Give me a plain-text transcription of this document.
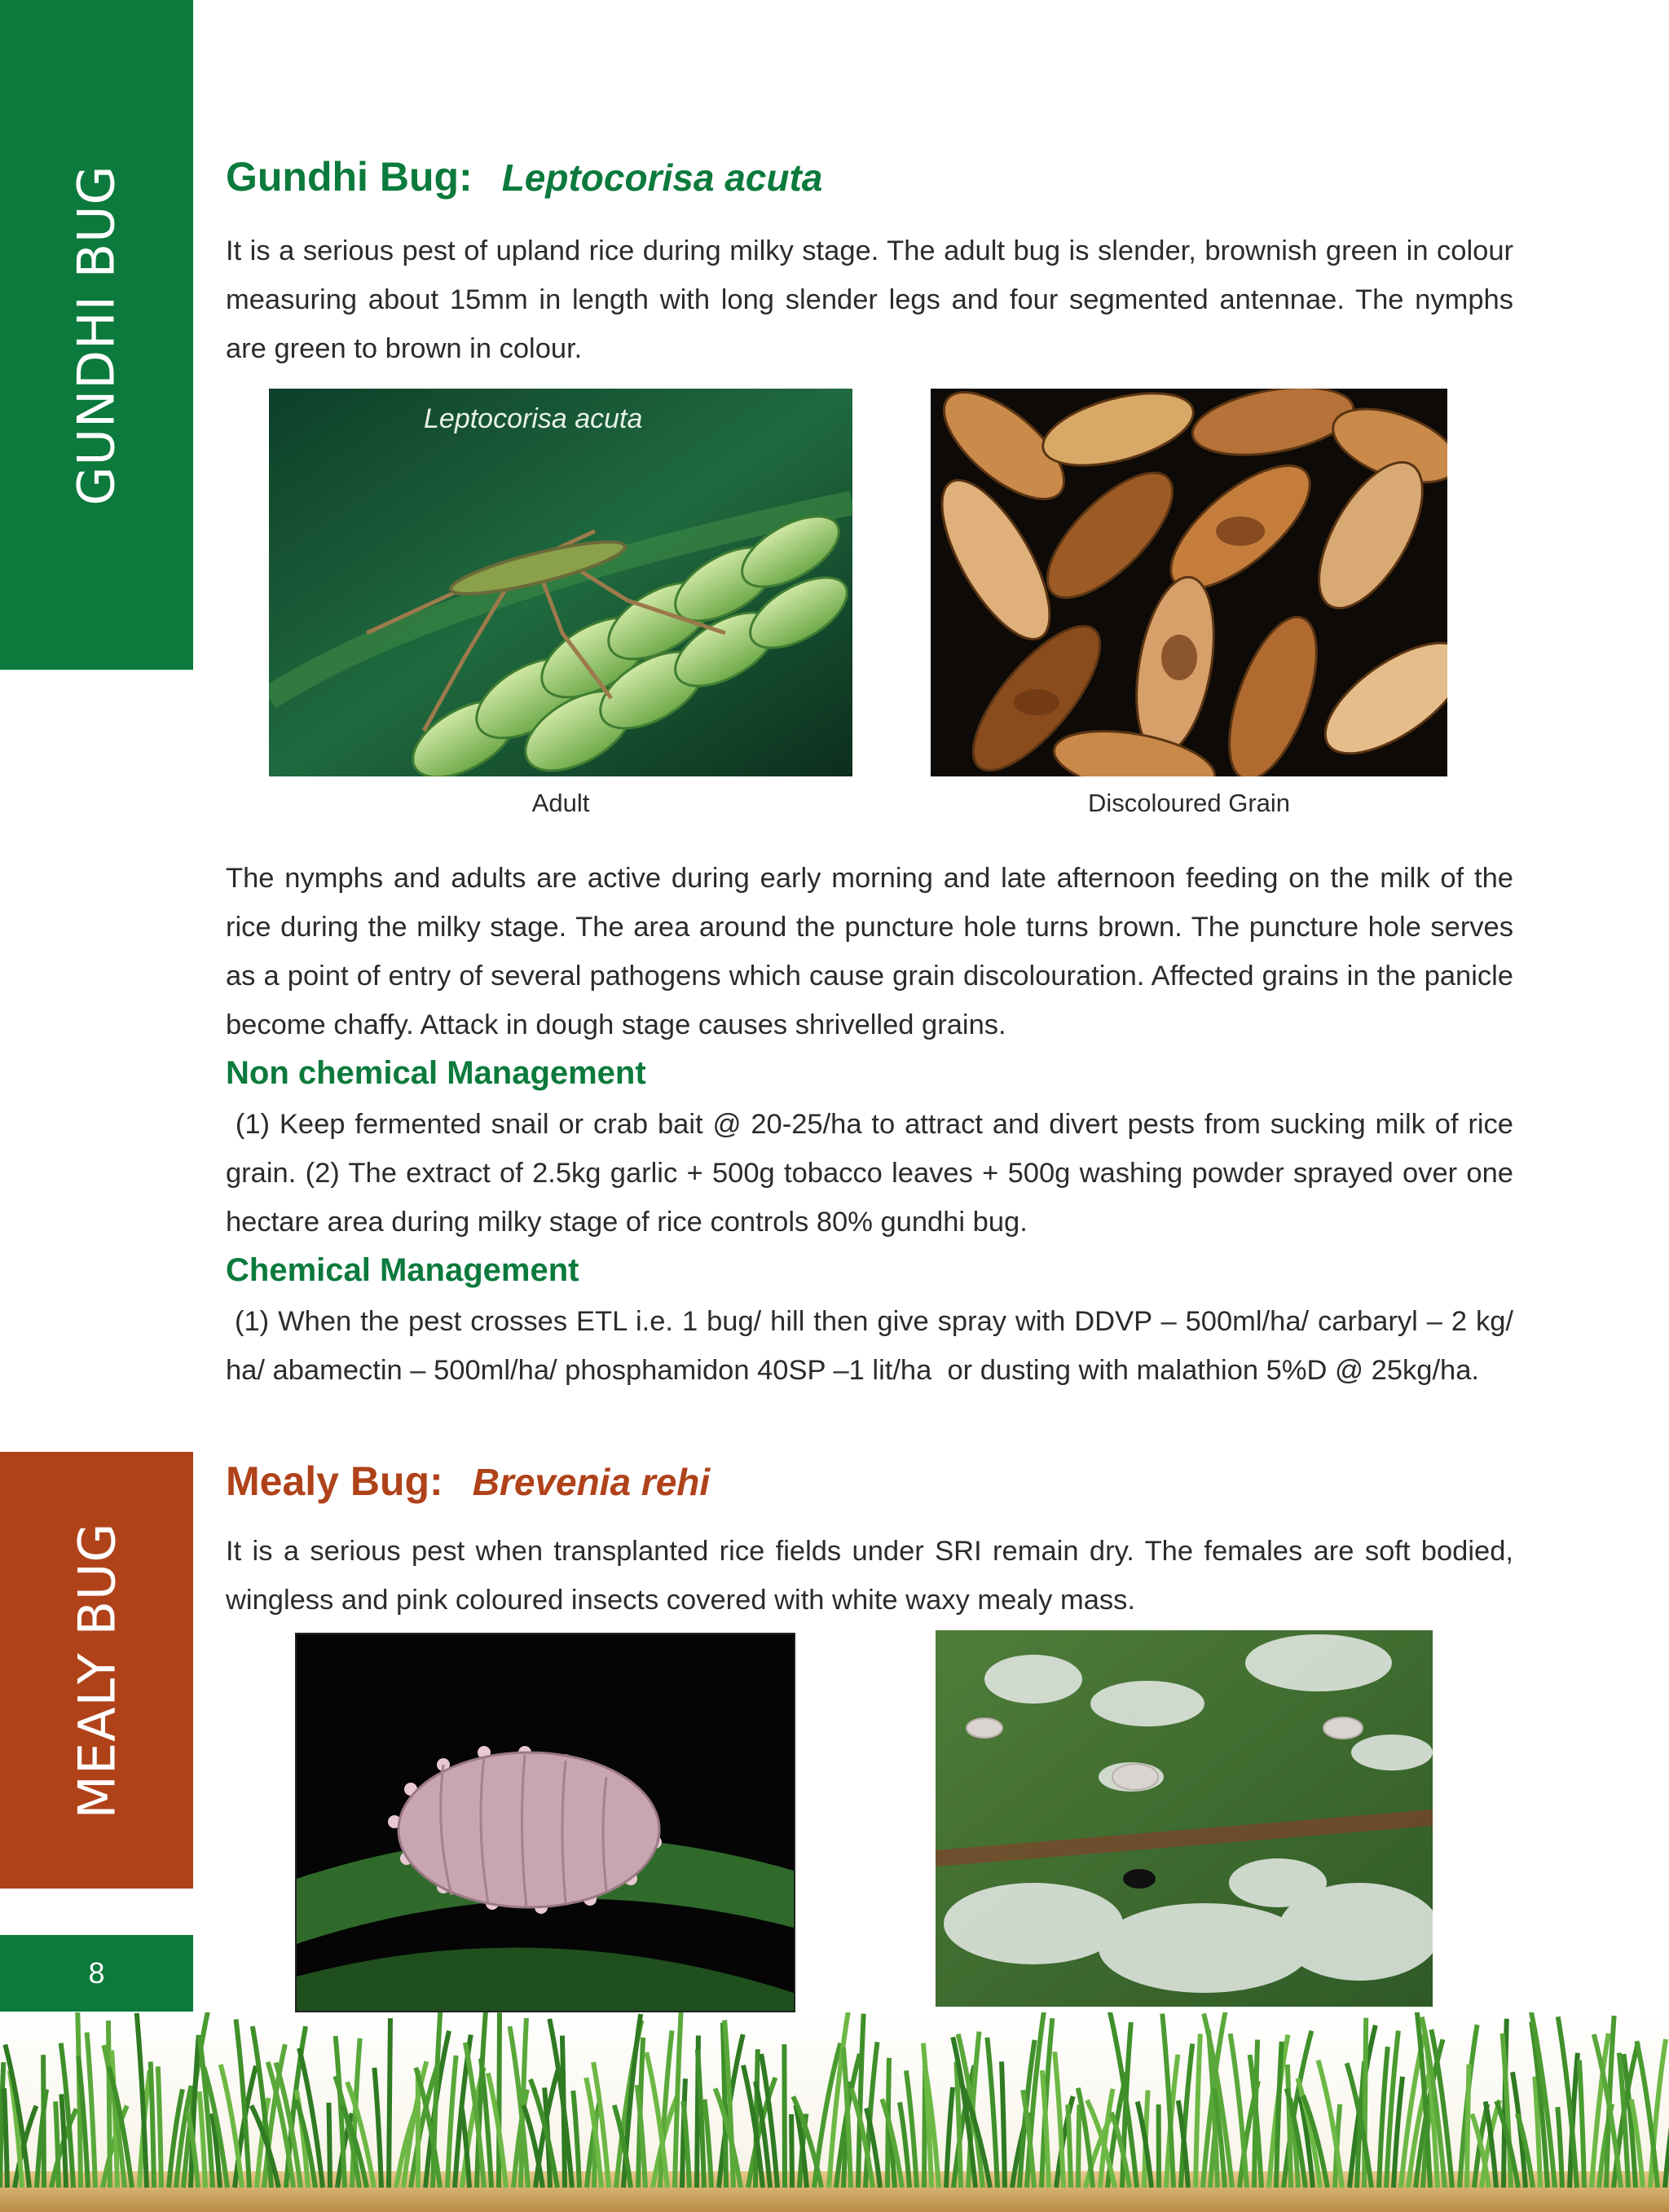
GUNDHI BUG
MEALY BUG
8
Gundhi Bug: Leptocorisa acuta

It is a serious pest of upland rice during milky stage. The adult bug is slender, brownish green in colour measuring about 15mm in length with long slender legs and four segmented antennae. The nymphs are green to brown in colour.

Leptocorisa acuta
Adult	Discoloured Grain

The nymphs and adults are active during early morning and late afternoon feeding on the milk of the rice during the milky stage. The area around the puncture hole turns brown. The puncture hole serves as a point of entry of several pathogens which cause grain discolouration. Affected grains in the panicle become chaffy. Attack in dough stage causes shrivelled grains.

Non chemical Management

(1) Keep fermented snail or crab bait @ 20-25/ha to attract and divert pests from sucking milk of rice grain. (2) The extract of 2.5kg garlic + 500g tobacco leaves + 500g washing powder sprayed over one hectare area during milky stage of rice controls 80% gundhi bug.

Chemical Management

(1) When the pest crosses ETL i.e. 1 bug/ hill then give spray with DDVP – 500ml/ha/ carbaryl – 2 kg/ ha/ abamectin – 500ml/ha/ phosphamidon 40SP –1 lit/ha  or dusting with malathion 5%D @ 25kg/ha.

Mealy Bug: Brevenia rehi

It is a serious pest when transplanted rice fields under SRI remain dry. The females are soft bodied, wingless and pink coloured insects covered with white waxy mealy mass.
